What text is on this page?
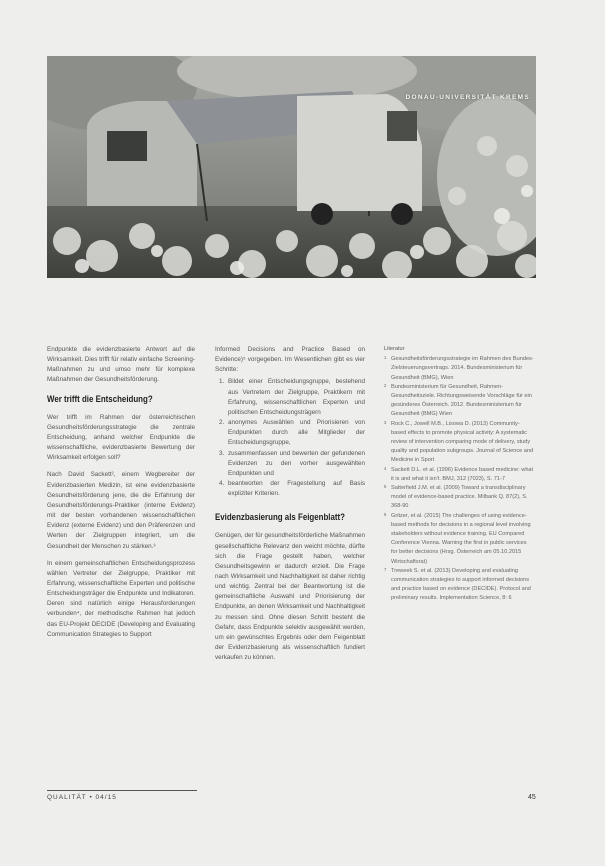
DONAU-UNIVERSITÄT KREMS

Endpunkte die evidenzbasierte Antwort auf die Wirksamkeit. Dies trifft für relativ einfache Screening-Maßnahmen zu und umso mehr für komplexe Maßnahmen der Gesundheitsförderung.

Wer trifft die Entscheidung?

Wer trifft im Rahmen der österreichischen Gesundheitsförderungsstrategie die zentrale Entscheidung, anhand welcher Endpunkte die wissenschaftliche, evidenzbasierte Bewertung der Wirksamkeit erfolgen soll?

Nach David Sackett², einem Wegbereiter der Evidenzbasierten Medizin, ist eine evidenzbasierte Gesundheitsförderung jene, die die Erfahrung der Gesundheitsförderungs-Praktiker (interne Evidenz) mit der besten vorhandenen wissenschaftlichen Evidenz (externe Evidenz) und den Präferenzen und Werten der Zielgruppen integriert, um die Gesundheit der Menschen zu stärken.³

In einem gemeinschaftlichen Entscheidungsprozess wählen Vertreter der Zielgruppe, Praktiker mit Erfahrung, wissenschaftliche Experten und politische Entscheidungsträger die Endpunkte und Indikatoren. Deren sind natürlich einige Herausforderungen verbunden⁴, der methodische Rahmen hat jedoch das EU-Projekt DECIDE (Developing and Evaluating Communication Strategies to Support

Informed Decisions and Practice Based on Evidence)⁵ vorgegeben. Im Wesentlichen gibt es vier Schritte:

1. Bildet einer Entscheidungsgruppe, bestehend aus Vertretern der Zielgruppe, Praktikern mit Erfahrung, wissenschaftlichen Experten und politischen Entscheidungsträgern
2. anonymes Auswählen und Priorisieren von Endpunkten durch alle Mitglieder der Entscheidungsgruppe,
3. zusammenfassen und bewerten der gefundenen Evidenzen zu den vorher ausgewählten Endpunkten und
4. beantworten der Fragestellung auf Basis expliziter Kriterien.
Evidenzbasierung als Feigenblatt?

Genügen, der für gesundheitsförderliche Maßnahmen gesellschaftliche Relevanz den weicht möchte, dürfte sich die Frage gestellt haben, welcher Gesundheitsgewinn er dadurch erzielt. Die Frage nach Wirksamkeit und Nachhaltigkeit ist daher richtig und wichtig. Zentral bei der Beantwortung ist die gemeinschaftliche Auswahl und Priorisierung der Endpunkte, an denen Wirksamkeit und Nachhaltigkeit zu messen sind. Ohne diesen Schritt besteht die Gefahr, dass Endpunkte selektiv ausgewählt werden, um ein gewünschtes Ergebnis oder dem Feigenblatt der Evidenzbasierung als wissenschaftlich fundiert verkaufen zu können.

Literatur
1 Gesundheitsförderungsstrategie im Rahmen des Bundes-Zielsteuerungsvertrags. 2014. Bundesministerium für Gesundheit (BMG), Wien
2 Bundesministerium für Gesundheit, Rahmen-Gesundheitsziele. Richtungsweisende Vorschläge für ein gesünderes Österreich. 2012. Bundesministerium für Gesundheit (BMG) Wien
3 Rock C., Jowell M.B., Lisowa D. (2013) Community-based effects to promote physical activity: A systematic review of intervention comparing mode of delivery, study quality and population subgroups. Journal of Science and Medicine in Sport
4 Sackett D.L. et al. (1996) Evidence based medicine: what it is and what it isn't. BMJ, 312 (7023), S. 71-7
5 Satterfield J.M. et al. (2009) Toward a transdisciplinary model of evidence-based practice. Milbank Q. 87(2), S. 368-90
6 Gritzer, et al. (2015) The challenges of using evidence-based methods for decisions in a regional level involving stakeholders without evidence training. EU Compared Conference Vienna. Warning the first in public services for better decisions (Hrsg. Österreich am 05.10.2015 Wirtschaftsrat)
7 Treweek S. et al. (2013) Developing and evaluating communication strategies to support informed decisions and practice based on evidence (DECIDE). Protocol and preliminary results. Implementation Science, 8: 6
QUALITÄT • 04/15	45
